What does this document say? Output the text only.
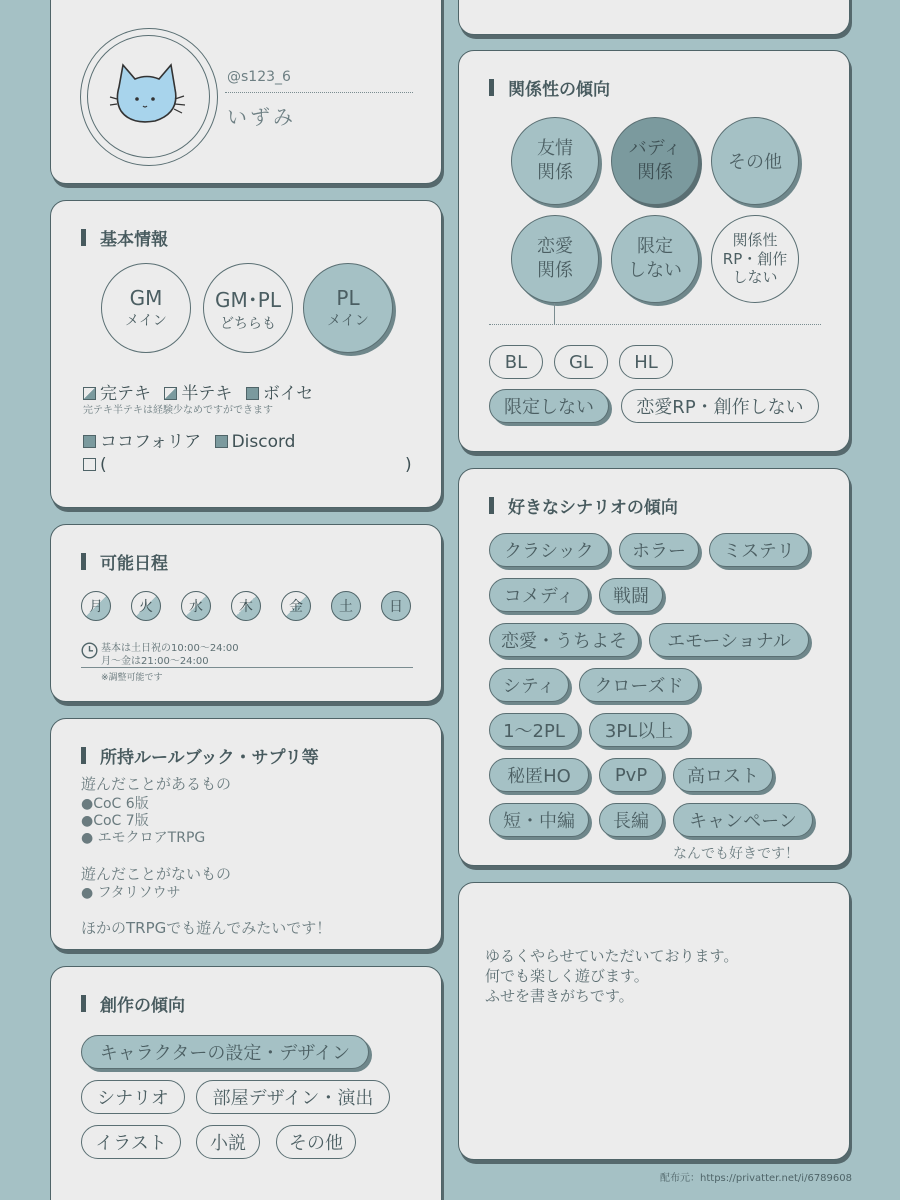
@s123_6
いずみ
基本情報
GM
メイン
GM･PL
どちらも
PL
メイン
完テキ 半テキ ボイセ
完テキ半テキは経験少なめですができます
ココフォリア Discord
(	)
可能日程
月	火	水	木	金	土	日
基本は土日祝の10:00～24:00
月～金は21:00～24:00
※調整可能です
所持ルールブック・サプリ等
遊んだことがあるもの
●CoC 6版
●CoC 7版
● エモクロアTRPG
遊んだことがないもの
● フタリソウサ
ほかのTRPGでも遊んでみたいです！
創作の傾向
キャラクターの設定・デザイン
シナリオ	部屋デザイン・演出
イラスト	小説	その他
関係性の傾向
友情
関係
バディ
関係	その他
恋愛
関係
限定
しない
関係性
RP・創作
しない
BL	GL	HL
限定しない	恋愛RP・創作しない
好きなシナリオの傾向
クラシック	ホラー	ミステリ
コメディ	戦闘
恋愛・うちよそ	エモーショナル
シティ	クローズド
1～2PL	3PL以上
秘匿HO	PvP	高ロスト
短・中編	長編	キャンペーン
なんでも好きです！
ゆるくやらせていただいております。
何でも楽しく遊びます。
ふせを書きがちです。
配布元：https://privatter.net/i/6789608
